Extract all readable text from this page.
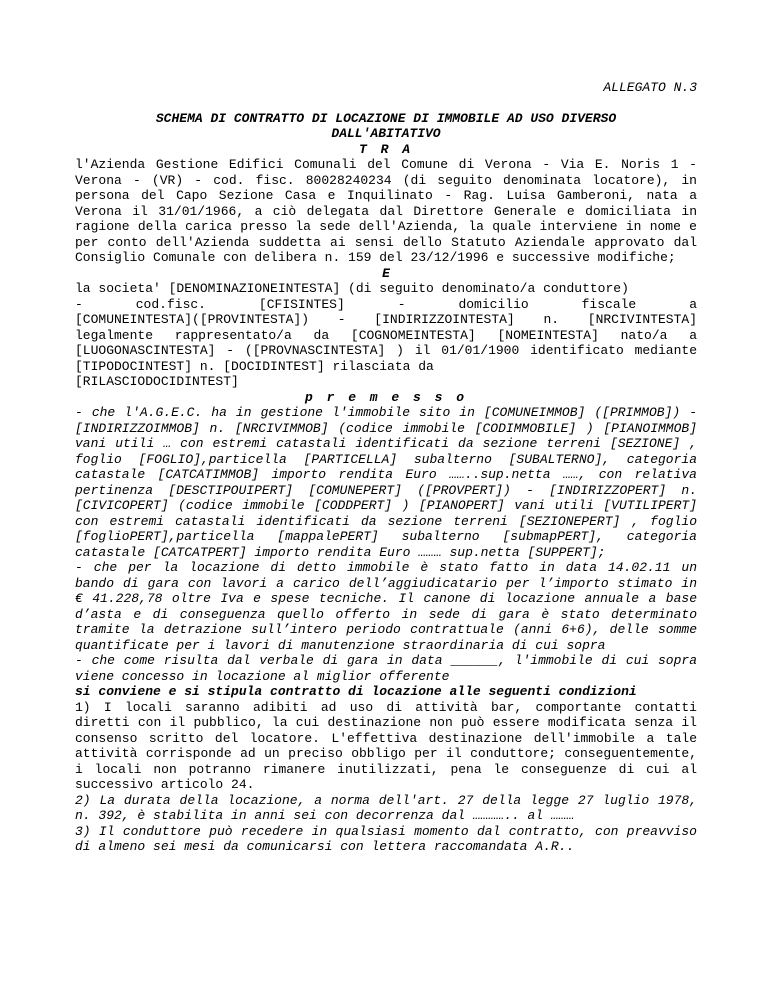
ALLEGATO N.3
SCHEMA DI CONTRATTO DI LOCAZIONE DI IMMOBILE AD USO DIVERSO
DALL'ABITATIVO
T R A
l'Azienda Gestione Edifici Comunali del Comune di Verona - Via E. Noris 1 -Verona - (VR) - cod. fisc. 80028240234 (di seguito denominata locatore), in persona del Capo Sezione Casa e Inquilinato - Rag. Luisa Gamberoni, nata a Verona il 31/01/1966, a ciò delegata dal Direttore Generale e domiciliata in ragione della carica presso la sede dell'Azienda, la quale interviene in nome e per conto dell'Azienda suddetta ai sensi dello Statuto Aziendale approvato dal Consiglio Comunale con delibera n. 159 del 23/12/1996 e successive modifiche;
E
la societa' [DENOMINAZIONEINTESTA] (di seguito denominato/a conduttore)
- cod.fisc. [CFISINTES] - domicilio fiscale a
[COMUNEINTESTA]([PROVINTESTA]) - [INDIRIZZOINTESTA] n. [NRCIVINTESTA] legalmente rappresentato/a da [COGNOMEINTESTA] [NOMEINTESTA] nato/a a [LUOGONASCINTESTA] - ([PROVNASCINTESTA] ) il 01/01/1900 identificato mediante [TIPODOCINTEST] n. [DOCIDINTEST] rilasciata da
[RILASCIODOCIDINTEST]
p r e m e s s o
- che l'A.G.E.C. ha in gestione l'immobile sito in [COMUNEIMMOB] ([PRIMMOB]) - [INDIRIZZOIMMOB] n. [NRCIVIMMOB] (codice immobile [CODIMMOBILE] ) [PIANOIMMOB] vani utili … con estremi catastali identificati da sezione terreni [SEZIONE] , foglio [FOGLIO],particella [PARTICELLA] subalterno [SUBALTERNO], categoria catastale [CATCATIMMOB] importo rendita Euro ……..sup.netta ……, con relativa pertinenza [DESCTIPOUIPERT] [COMUNEPERT] ([PROVPERT]) - [INDIRIZZOPERT] n. [CIVICOPERT] (codice immobile [CODDPERT] ) [PIANOPERT] vani utili [VUTILIPERT] con estremi catastali identificati da sezione terreni [SEZIONEPERT] , foglio [foglioPERT],particella [mappalePERT] subalterno [submapPERT], categoria catastale [CATCATPERT] importo rendita Euro ……… sup.netta [SUPPERT];
- che per la locazione di detto immobile è stato fatto in data 14.02.11 un bando di gara con lavori a carico dell’aggiudicatario per l’importo stimato in € 41.228,78 oltre Iva e spese tecniche. Il canone di locazione annuale a base d’asta e di conseguenza quello offerto in sede di gara è stato determinato tramite la detrazione sull’intero periodo contrattuale (anni 6+6), delle somme quantificate per i lavori di manutenzione straordinaria di cui sopra
- che come risulta dal verbale di gara in data ______, l'immobile di cui sopra viene concesso in locazione al miglior offerente
si conviene e si stipula contratto di locazione alle seguenti condizioni
1) I locali saranno adibiti ad uso di attività bar, comportante contatti diretti con il pubblico, la cui destinazione non può essere modificata senza il consenso scritto del locatore. L'effettiva destinazione dell'immobile a tale attività corrisponde ad un preciso obbligo per il conduttore; conseguentemente, i locali non potranno rimanere inutilizzati, pena le conseguenze di cui al successivo articolo 24.
2) La durata della locazione, a norma dell'art. 27 della legge 27 luglio 1978, n. 392, è stabilita in anni sei con decorrenza dal ………….. al ………
3) Il conduttore può recedere in qualsiasi momento dal contratto, con preavviso di almeno sei mesi da comunicarsi con lettera raccomandata A.R..
